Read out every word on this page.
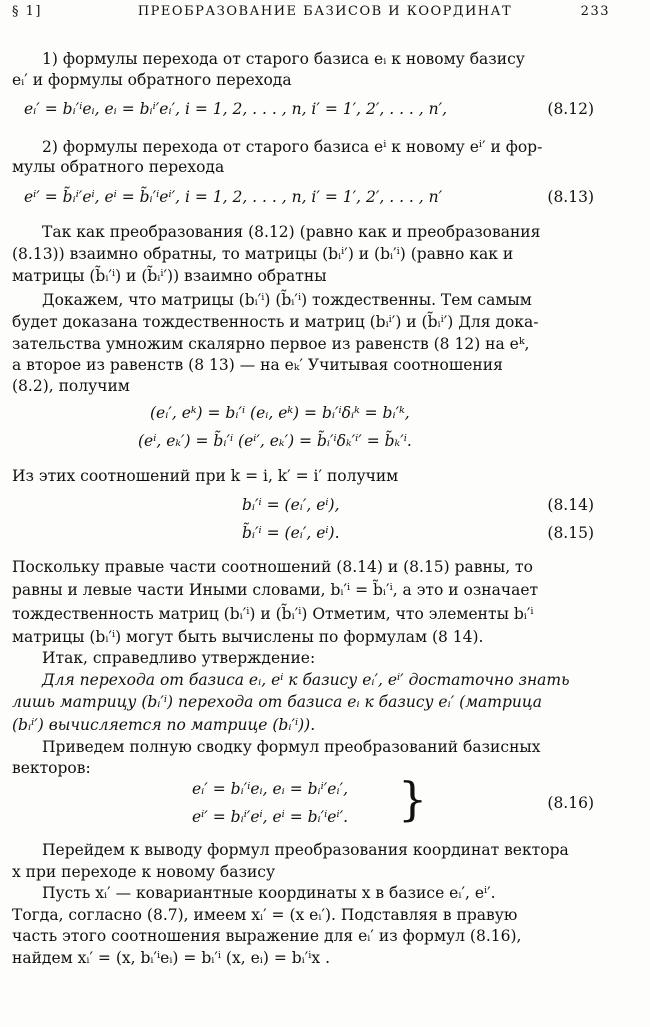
§ 1]	ПРЕОБРАЗОВАНИЕ БАЗИСОВ И КООРДИНАТ	233
1) формулы перехода от старого базиса eᵢ к новому базису
eᵢ′ и формулы обратного перехода
eᵢ′ = bᵢ′ⁱeᵢ, eᵢ = bᵢⁱ′eᵢ′, i = 1, 2, . . . , n, i′ = 1′, 2′, . . . , n′,	(8.12)
2) формулы перехода от старого базиса eⁱ к новому eⁱ′ и фор-
мулы обратного перехода
eⁱ′ = b̃ᵢⁱ′eⁱ, eⁱ = b̃ᵢ′ⁱeⁱ′, i = 1, 2, . . . , n, i′ = 1′, 2′, . . . , n′	(8.13)
Так как преобразования (8.12) (равно как и преобразования
(8.13)) взаимно обратны, то матрицы (bᵢⁱ′) и (bᵢ′ⁱ) (равно как и
матрицы (b̃ᵢ′ⁱ) и (b̃ᵢⁱ′)) взаимно обратны
Докажем, что матрицы (bᵢ′ⁱ) (b̃ᵢ′ⁱ) тождественны. Тем самым
будет доказана тождественность и матриц (bᵢⁱ′) и (b̃ᵢⁱ′) Для дока-
зательства умножим скалярно первое из равенств (8 12) на eᵏ,
а второе из равенств (8 13) — на eₖ′ Учитывая соотношения
(8.2), получим
(eᵢ′, eᵏ) = bᵢ′ⁱ (eᵢ, eᵏ) = bᵢ′ⁱδᵢᵏ = bᵢ′ᵏ,
(eⁱ, eₖ′) = b̃ᵢ′ⁱ (eⁱ′, eₖ′) = b̃ᵢ′ⁱδₖ′ⁱ′ = b̃ₖ′ⁱ.
Из этих соотношений при k = i, k′ = i′ получим
bᵢ′ⁱ = (eᵢ′, eⁱ),	(8.14)
b̃ᵢ′ⁱ = (eᵢ′, eⁱ).	(8.15)
Поскольку правые части соотношений (8.14) и (8.15) равны, то
равны и левые части Иными словами, bᵢ′ⁱ = b̃ᵢ′ⁱ, а это и означает
тождественность матриц (bᵢ′ⁱ) и (b̃ᵢ′ⁱ) Отметим, что элементы bᵢ′ⁱ
матрицы (bᵢ′ⁱ) могут быть вычислены по формулам (8 14).
Итак, справедливо утверждение:
Для перехода от базиса eᵢ, eⁱ к базису eᵢ′, eⁱ′ достаточно знать
лишь матрицу (bᵢ′ⁱ) перехода от базиса eᵢ к базису eᵢ′ (матрица
(bᵢⁱ′) вычисляется по матрице (bᵢ′ⁱ)).
Приведем полную сводку формул преобразований базисных
векторов:
eᵢ′ = bᵢ′ⁱeᵢ, eᵢ = bᵢⁱ′eᵢ′,
eⁱ′ = bᵢⁱ′eⁱ, eⁱ = bᵢ′ⁱeⁱ′. }	(8.16)
Перейдем к выводу формул преобразования координат вектора
x при переходе к новому базису
Пусть xᵢ′ — ковариантные координаты x в базисе eᵢ′, eⁱ′.
Тогда, согласно (8.7), имеем xᵢ′ = (x eᵢ′). Подставляя в правую
часть этого соотношения выражение для eᵢ′ из формул (8.16),
найдем xᵢ′ = (x, bᵢ′ⁱeᵢ) = bᵢ′ⁱ (x, eᵢ) = bᵢ′ⁱx .
